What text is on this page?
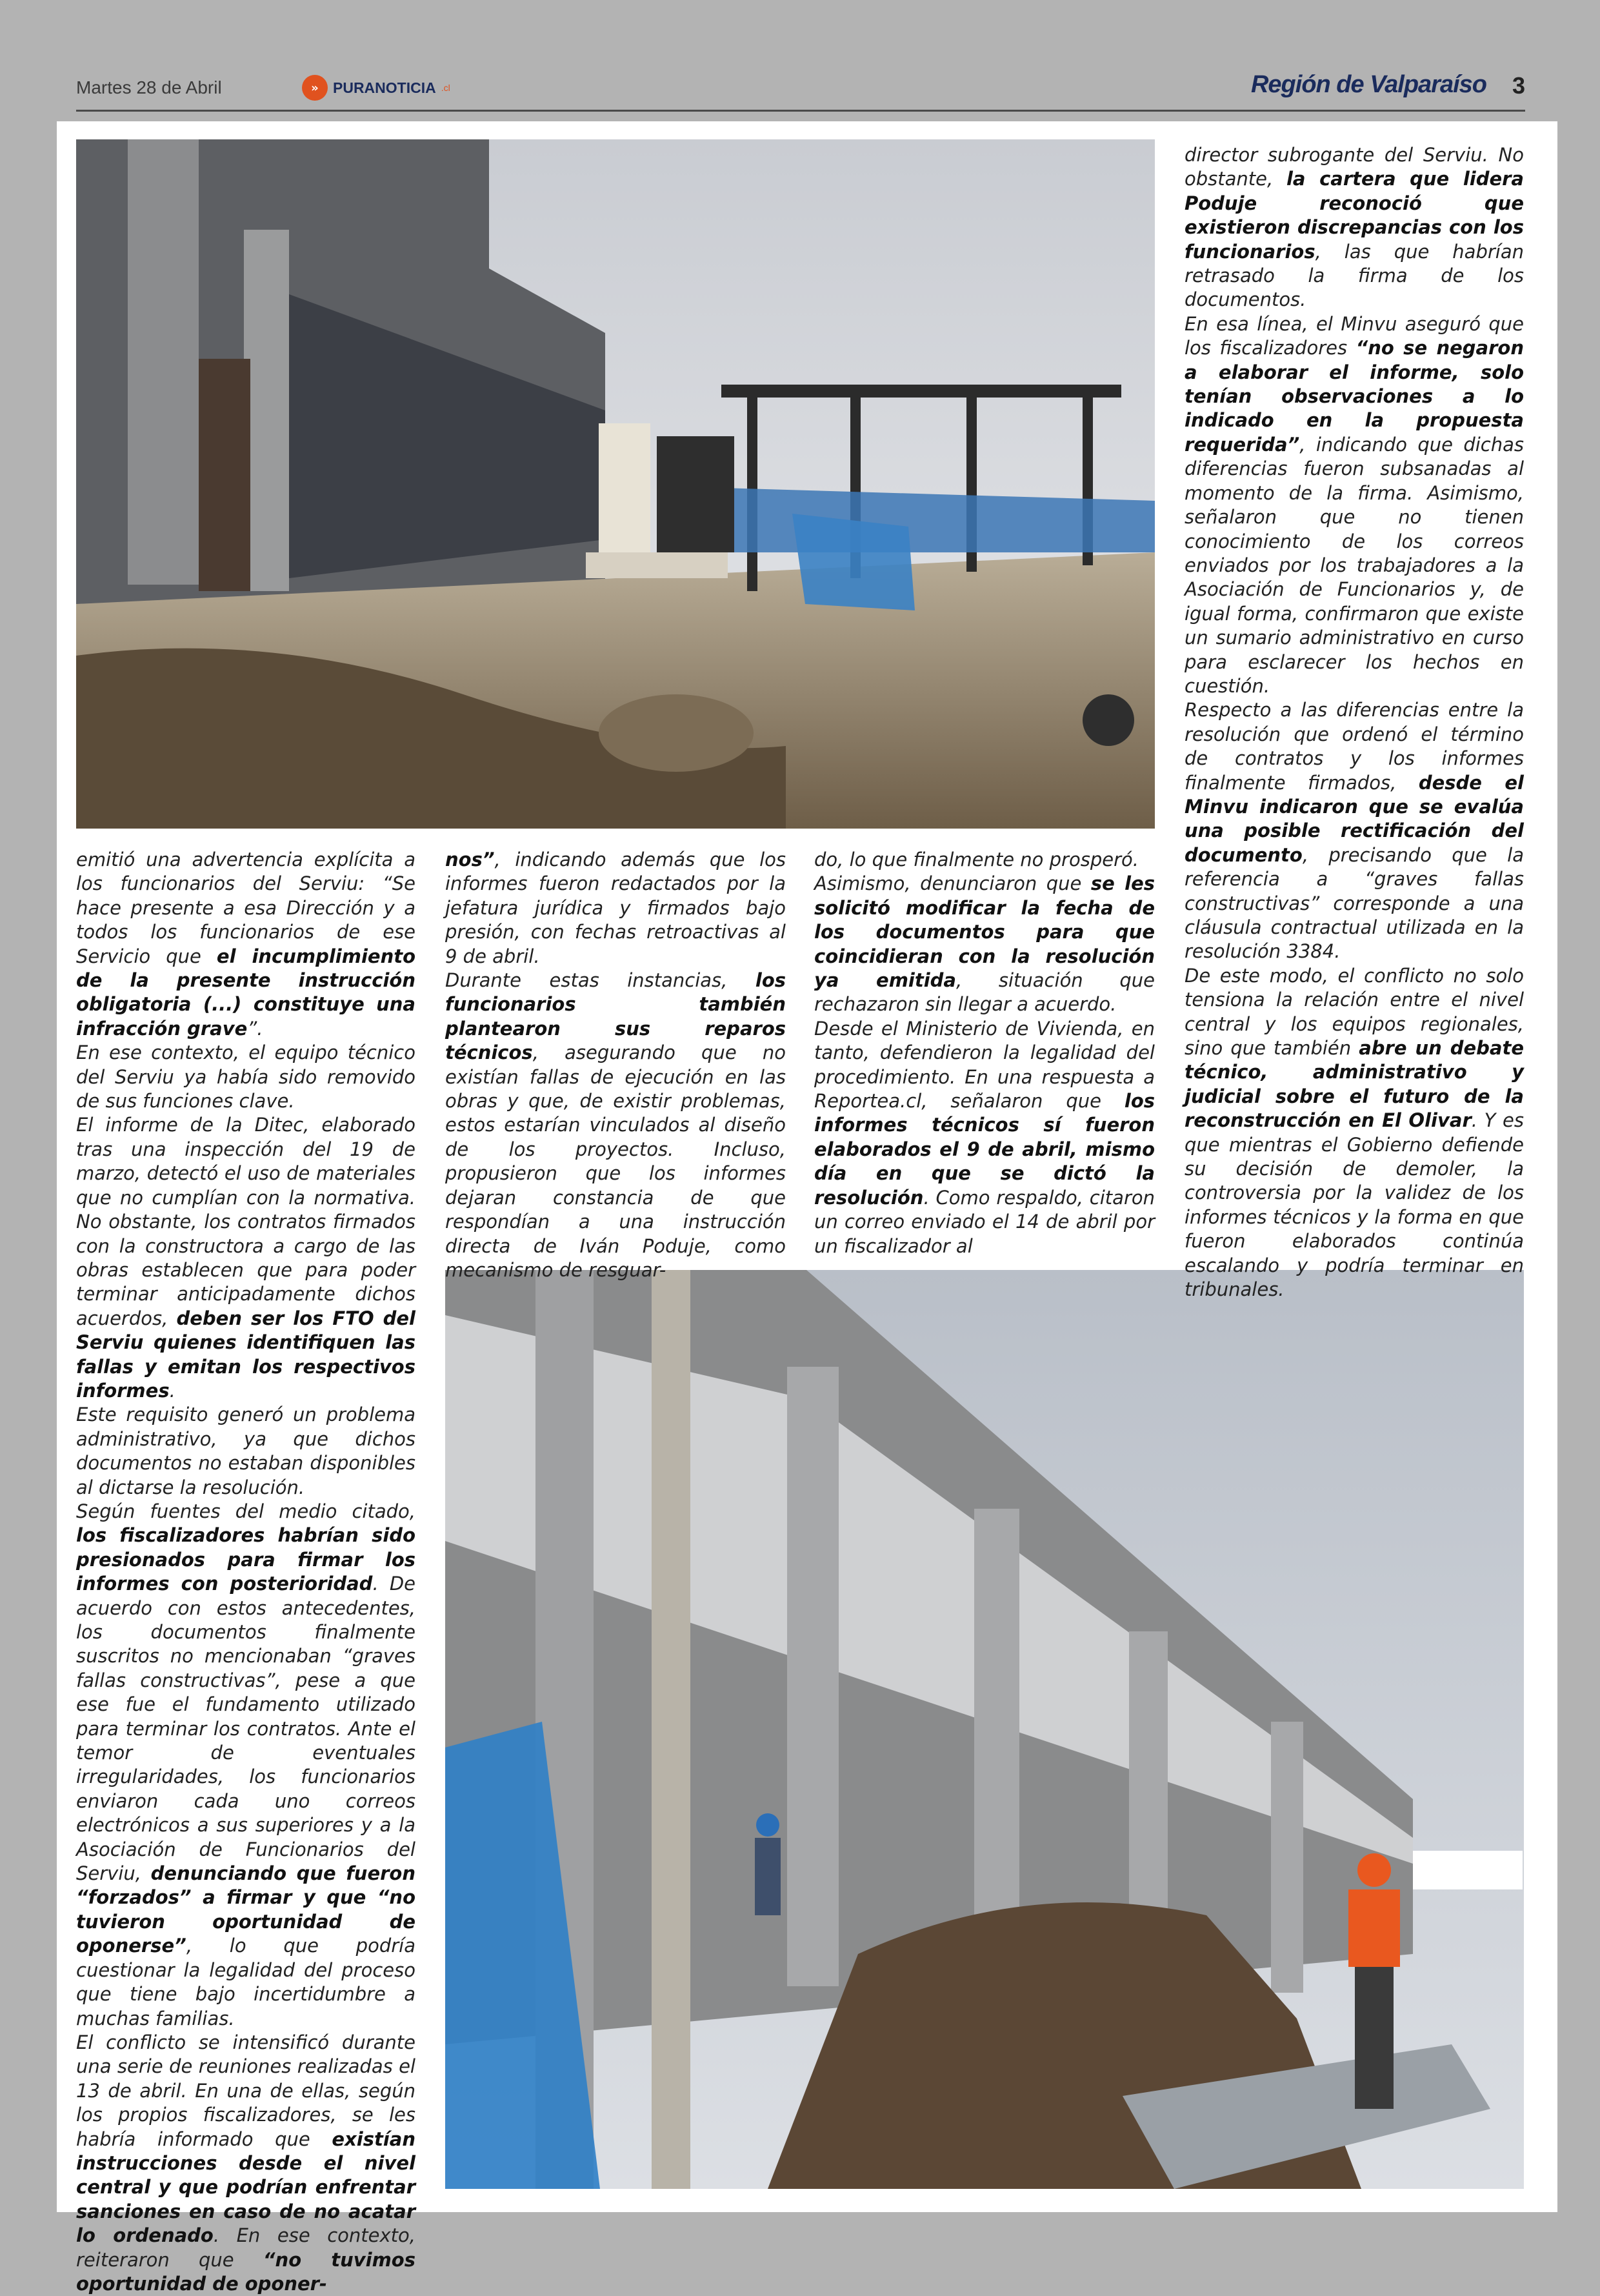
Martes 28 de Abril	» PURANOTICIA .cl	Región de Valparaíso 3

emitió una advertencia explícita a los funcionarios del Serviu: “Se hace presente a esa Dirección y a todos los funcionarios de ese Servicio que el incumplimiento de la presente instrucción obligatoria (...) constituye una infracción grave”.

En ese contexto, el equipo técnico del Serviu ya había sido removido de sus funciones clave.

El informe de la Ditec, elaborado tras una inspección del 19 de marzo, detectó el uso de materiales que no cumplían con la normativa. No obstante, los contratos firmados con la constructora a cargo de las obras establecen que para poder terminar anticipadamente dichos acuerdos, deben ser los FTO del Serviu quienes identifiquen las fallas y emitan los respectivos informes.

Este requisito generó un problema administrativo, ya que dichos documentos no estaban disponibles al dictarse la resolución.

Según fuentes del medio citado, los fiscalizadores habrían sido presionados para firmar los informes con posterioridad. De acuerdo con estos antecedentes, los documentos finalmente suscritos no mencionaban “graves fallas constructivas”, pese a que ese fue el fundamento utilizado para terminar los contratos. Ante el temor de eventuales irregularidades, los funcionarios enviaron cada uno correos electrónicos a sus superiores y a la Asociación de Funcionarios del Serviu, denunciando que fueron “forzados” a firmar y que “no tuvieron oportunidad de oponerse”, lo que podría cuestionar la legalidad del proceso que tiene bajo incertidumbre a muchas familias.

El conflicto se intensificó durante una serie de reuniones realizadas el 13 de abril. En una de ellas, según los propios fiscalizadores, se les habría informado que existían instrucciones desde el nivel central y que podrían enfrentar sanciones en caso de no acatar lo ordenado. En ese contexto, reiteraron que “no tuvimos oportunidad de oponer-

nos”, indicando además que los informes fueron redactados por la jefatura jurídica y firmados bajo presión, con fechas retroactivas al 9 de abril.

Durante estas instancias, los funcionarios también plantearon sus reparos técnicos, asegurando que no existían fallas de ejecución en las obras y que, de existir problemas, estos estarían vinculados al diseño de los proyectos. Incluso, propusieron que los informes dejaran constancia de que respondían a una instrucción directa de Iván Poduje, como mecanismo de resguar-

do, lo que finalmente no prosperó.

Asimismo, denunciaron que se les solicitó modificar la fecha de los documentos para que coincidieran con la resolución ya emitida, situación que rechazaron sin llegar a acuerdo.

Desde el Ministerio de Vivienda, en tanto, defendieron la legalidad del procedimiento. En una respuesta a Reportea.cl, señalaron que los informes técnicos sí fueron elaborados el 9 de abril, mismo día en que se dictó la resolución. Como respaldo, citaron un correo enviado el 14 de abril por un fiscalizador al

director subrogante del Serviu. No obstante, la cartera que lidera Poduje reconoció que existieron discrepancias con los funcionarios, las que habrían retrasado la firma de los documentos.

En esa línea, el Minvu aseguró que los fiscalizadores “no se negaron a elaborar el informe, solo tenían observaciones a lo indicado en la propuesta requerida”, indicando que dichas diferencias fueron subsanadas al momento de la firma. Asimismo, señalaron que no tienen conocimiento de los correos enviados por los trabajadores a la Asociación de Funcionarios y, de igual forma, confirmaron que existe un sumario administrativo en curso para esclarecer los hechos en cuestión.

Respecto a las diferencias entre la resolución que ordenó el término de contratos y los informes finalmente firmados, desde el Minvu indicaron que se evalúa una posible rectificación del documento, precisando que la referencia a “graves fallas constructivas” corresponde a una cláusula contractual utilizada en la resolución 3384.

De este modo, el conflicto no solo tensiona la relación entre el nivel central y los equipos regionales, sino que también abre un debate técnico, administrativo y judicial sobre el futuro de la reconstrucción en El Olivar. Y es que mientras el Gobierno defiende su decisión de demoler, la controversia por la validez de los informes técnicos y la forma en que fueron elaborados continúa escalando y podría terminar en tribunales.
